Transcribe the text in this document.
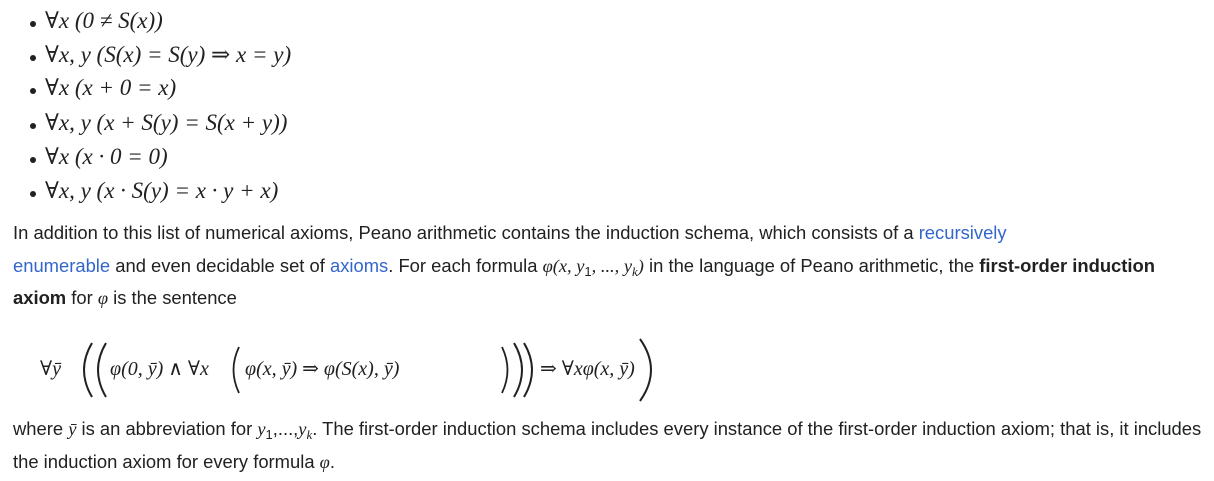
∀x (0 ≠ S(x))
∀x, y (S(x) = S(y) ⇒ x = y)
∀x (x + 0 = x)
∀x, y (x + S(y) = S(x + y))
∀x (x · 0 = 0)
∀x, y (x · S(y) = x · y + x)
In addition to this list of numerical axioms, Peano arithmetic contains the induction schema, which consists of a recursively
enumerable and even decidable set of axioms. For each formula φ(x, $y_1$, ..., $y_k$) in the language of Peano arithmetic, the first-order induction axiom for φ is the sentence
∀ȳ φ(0, ȳ) ∧ ∀x φ(x, ȳ) ⇒ φ(S(x), ȳ)	⇒ ∀xφ(x, ȳ)
where ȳ is an abbreviation for $y_1,...,y_k$. The first-order induction schema includes every instance of the first-order induction axiom; that is, it includes the induction axiom for every formula φ.
